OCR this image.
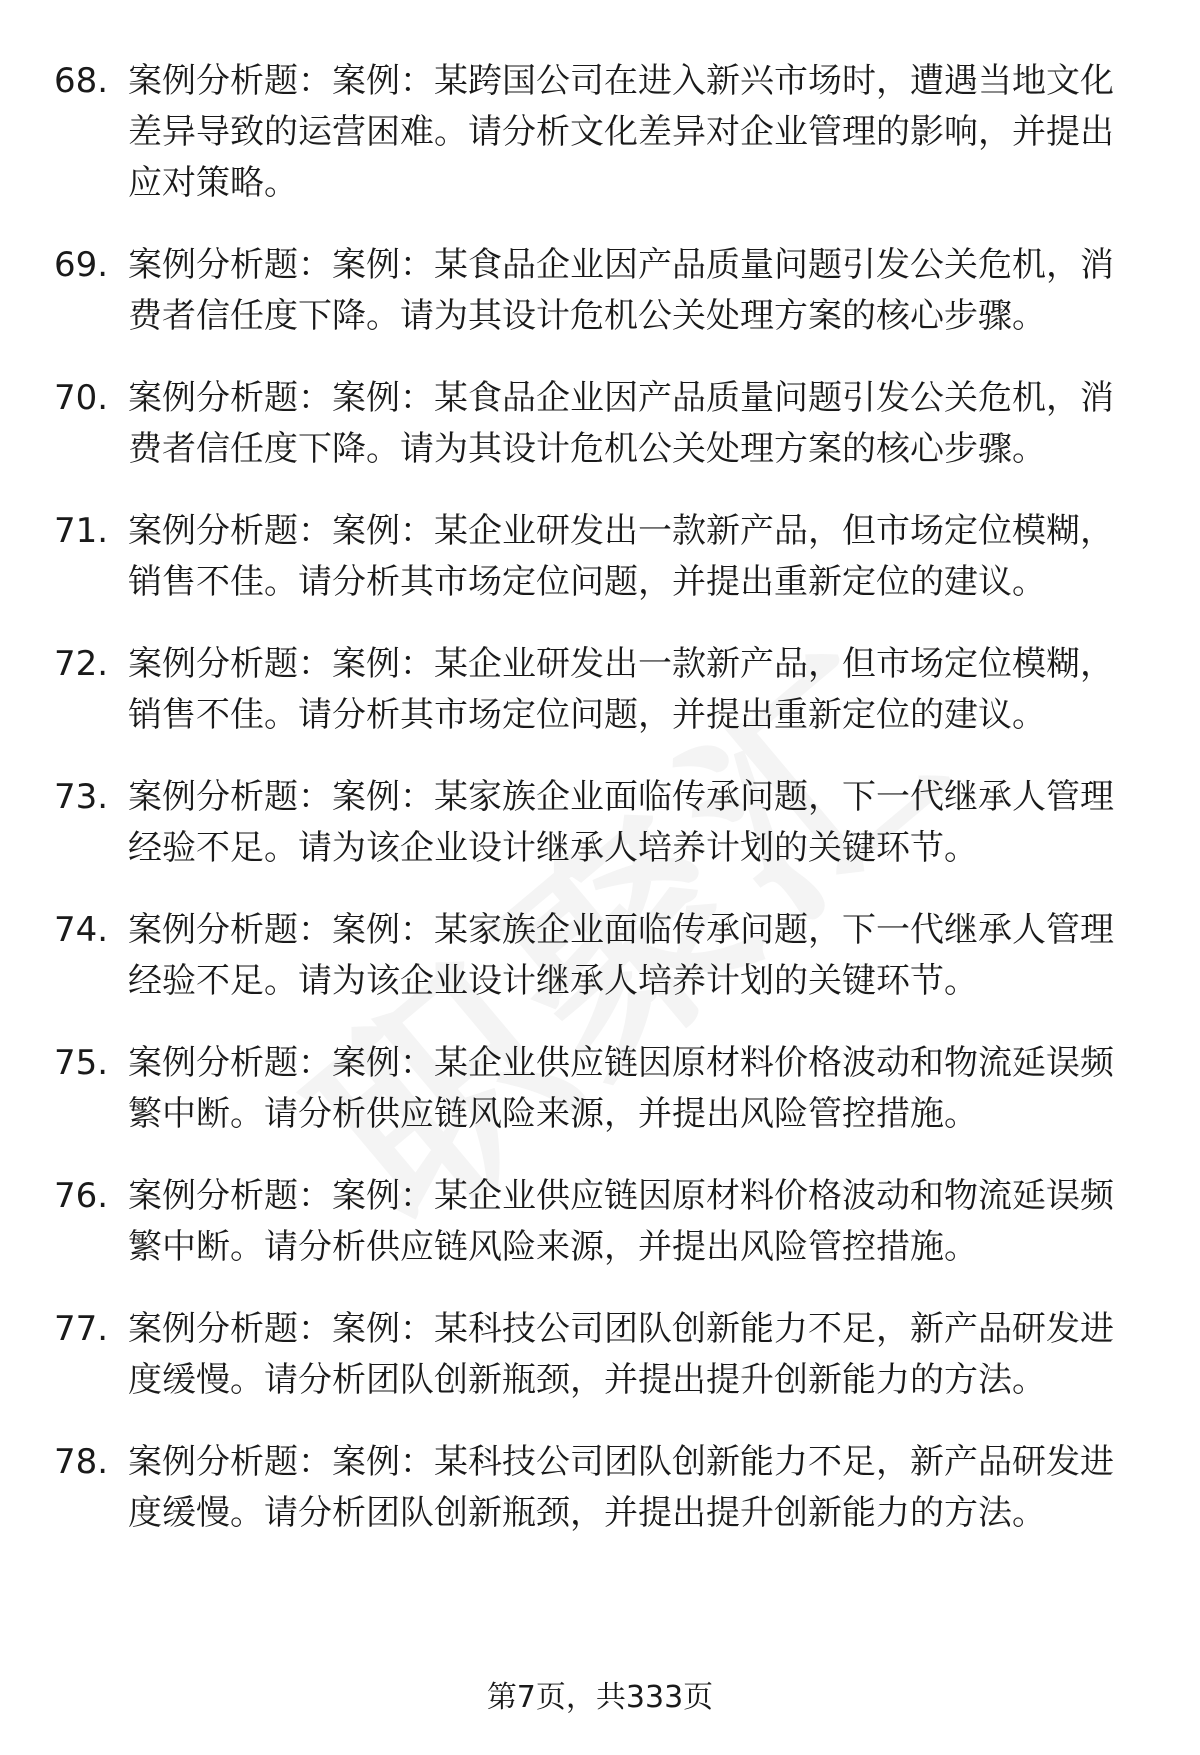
68. 案例分析题：案例：某跨国公司在进入新兴市场时，遭遇当地文化差异导致的运营困难。请分析文化差异对企业管理的影响，并提出应对策略。
69. 案例分析题：案例：某食品企业因产品质量问题引发公关危机，消费者信任度下降。请为其设计危机公关处理方案的核心步骤。
70. 案例分析题：案例：某食品企业因产品质量问题引发公关危机，消费者信任度下降。请为其设计危机公关处理方案的核心步骤。
71. 案例分析题：案例：某企业研发出一款新产品，但市场定位模糊，销售不佳。请分析其市场定位问题，并提出重新定位的建议。
72. 案例分析题：案例：某企业研发出一款新产品，但市场定位模糊，销售不佳。请分析其市场定位问题，并提出重新定位的建议。
73. 案例分析题：案例：某家族企业面临传承问题，下一代继承人管理经验不足。请为该企业设计继承人培养计划的关键环节。
74. 案例分析题：案例：某家族企业面临传承问题，下一代继承人管理经验不足。请为该企业设计继承人培养计划的关键环节。
75. 案例分析题：案例：某企业供应链因原材料价格波动和物流延误频繁中断。请分析供应链风险来源，并提出风险管控措施。
76. 案例分析题：案例：某企业供应链因原材料价格波动和物流延误频繁中断。请分析供应链风险来源，并提出风险管控措施。
77. 案例分析题：案例：某科技公司团队创新能力不足，新产品研发进度缓慢。请分析团队创新瓶颈，并提出提升创新能力的方法。
78. 案例分析题：案例：某科技公司团队创新能力不足，新产品研发进度缓慢。请分析团队创新瓶颈，并提出提升创新能力的方法。
第7页，共333页
